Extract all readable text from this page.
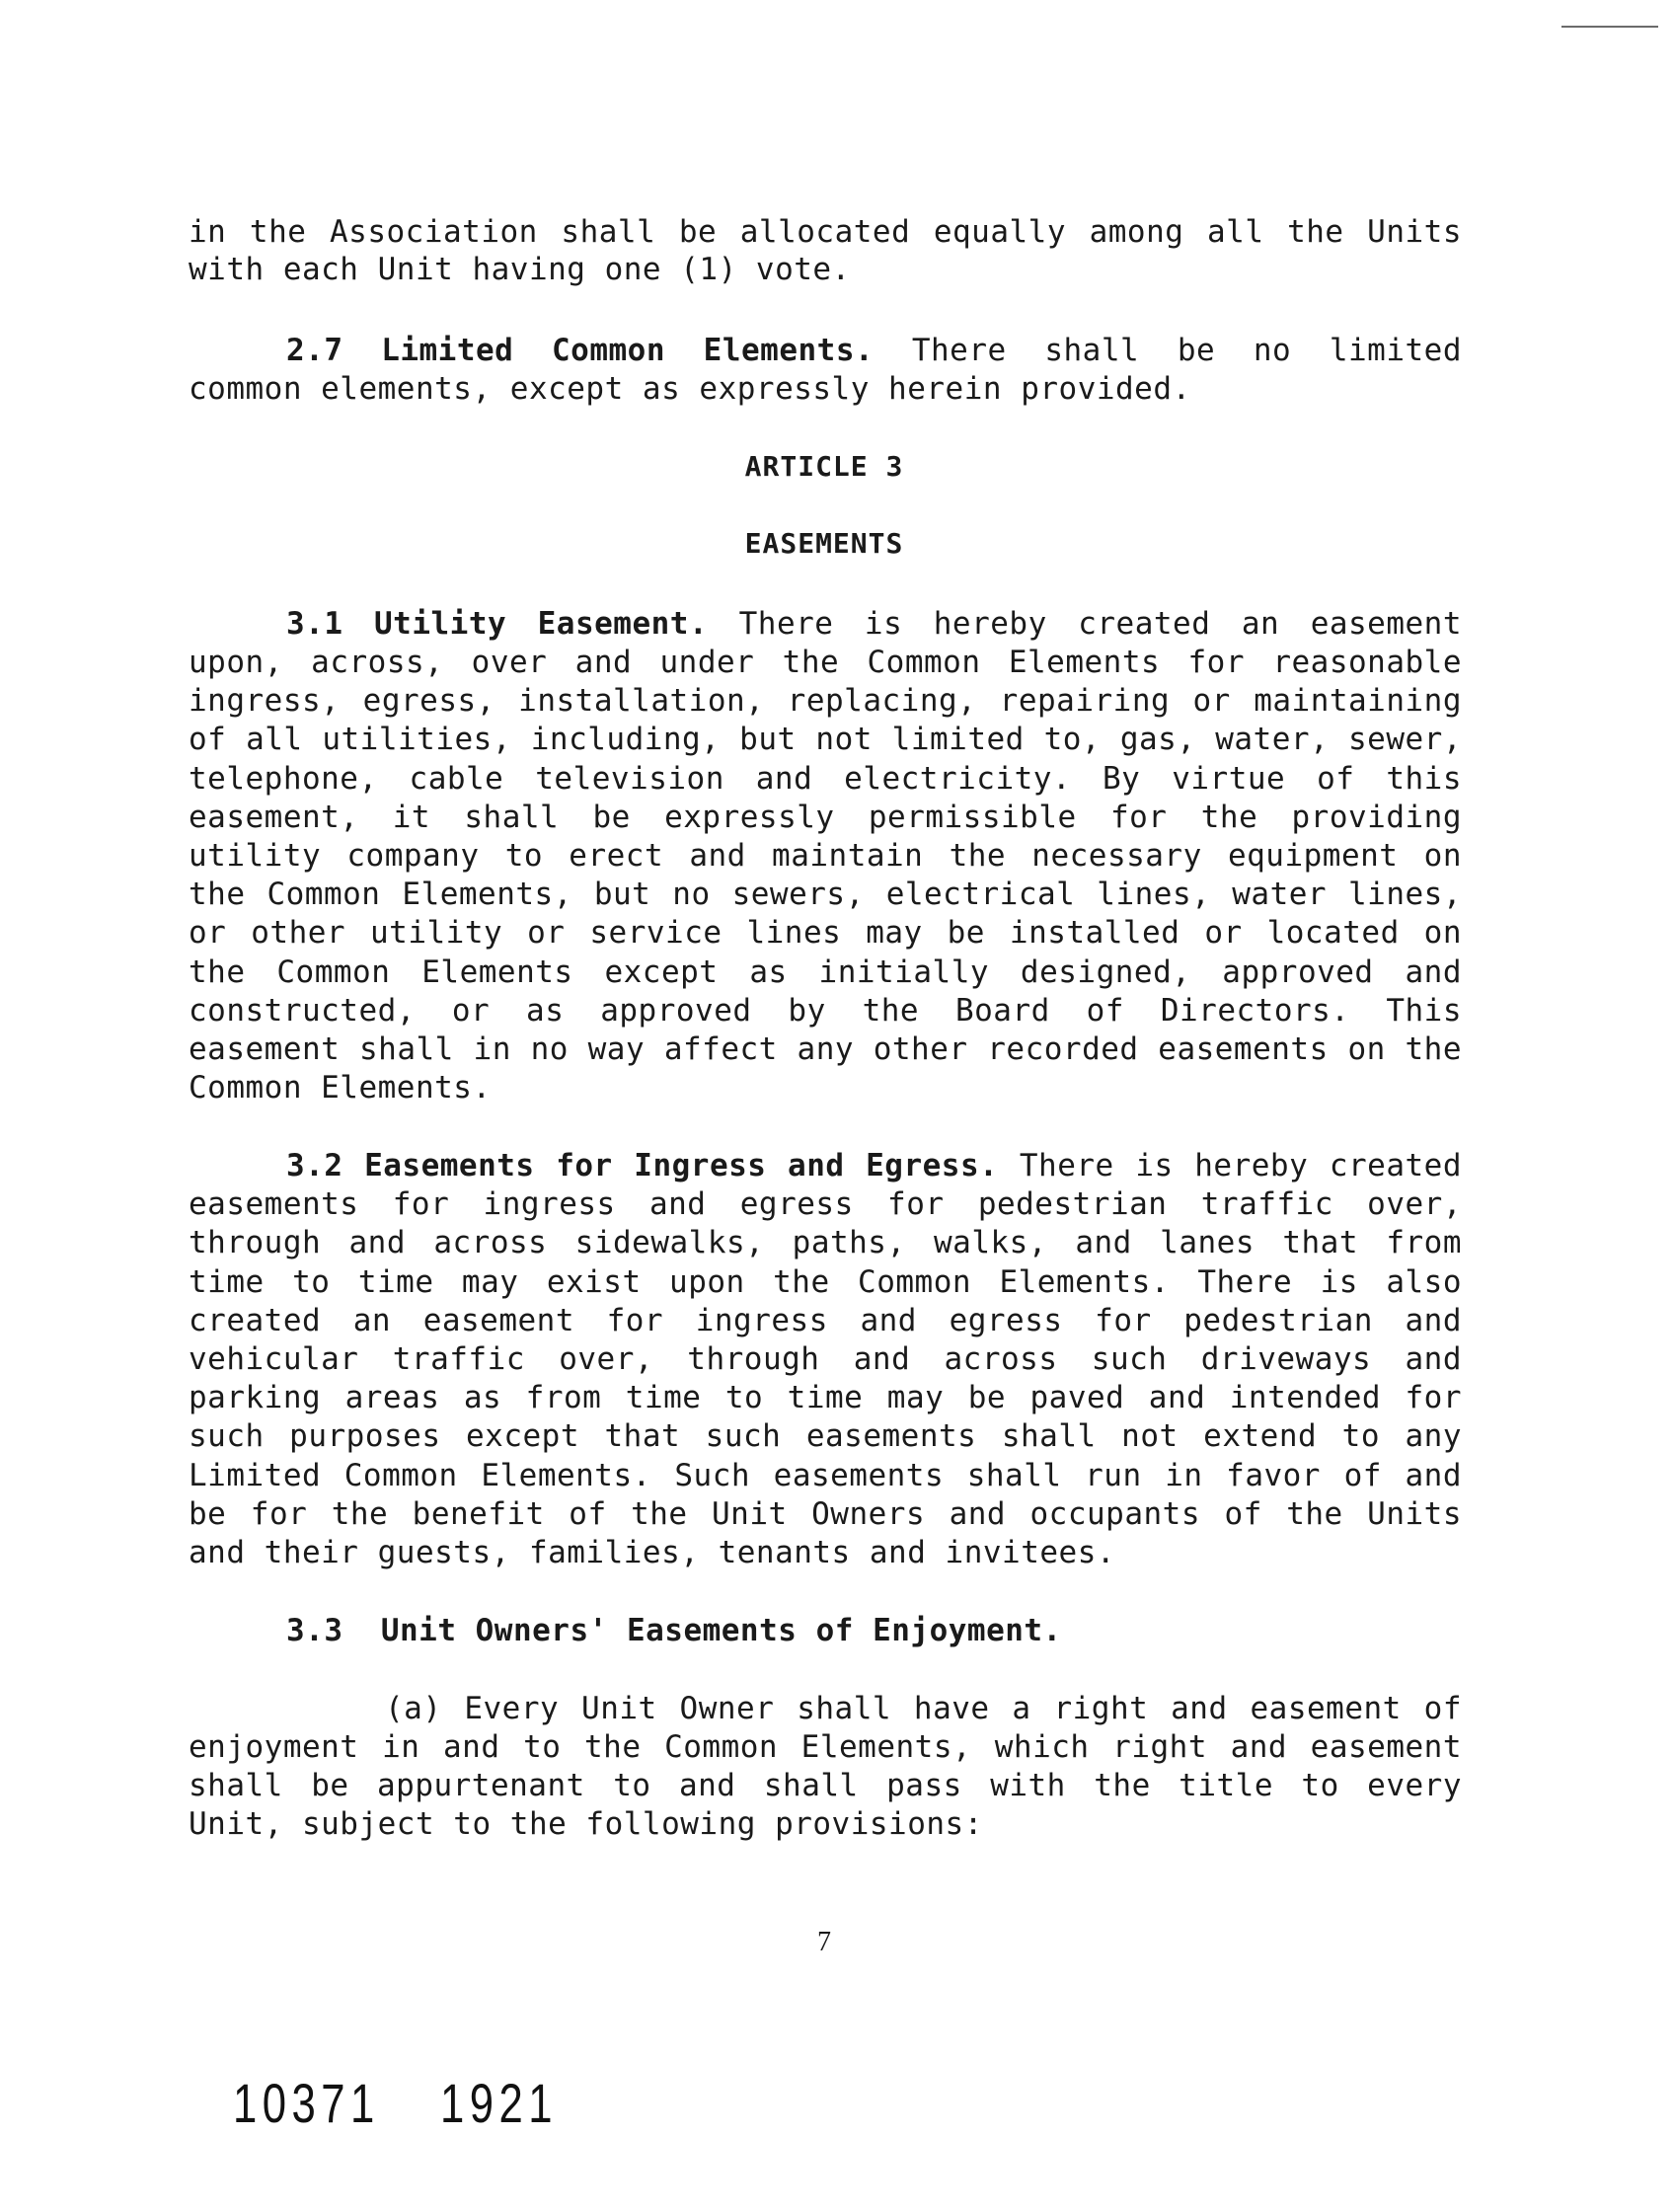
in the Association shall be allocated equally among all the Units
with each Unit having one (1) vote.
2.7 Limited Common Elements. There shall be no limited
common elements, except as expressly herein provided.
ARTICLE 3
EASEMENTS
3.1 Utility Easement. There is hereby created an easement
upon, across, over and under the Common Elements for reasonable
ingress, egress, installation, replacing, repairing or maintaining
of all utilities, including, but not limited to, gas, water, sewer,
telephone, cable television and electricity. By virtue of this
easement, it shall be expressly permissible for the providing
utility company to erect and maintain the necessary equipment on
the Common Elements, but no sewers, electrical lines, water lines,
or other utility or service lines may be installed or located on
the Common Elements except as initially designed, approved and
constructed, or as approved by the Board of Directors. This
easement shall in no way affect any other recorded easements on the
Common Elements.
3.2 Easements for Ingress and Egress. There is hereby created
easements for ingress and egress for pedestrian traffic over,
through and across sidewalks, paths, walks, and lanes that from
time to time may exist upon the Common Elements. There is also
created an easement for ingress and egress for pedestrian and
vehicular traffic over, through and across such driveways and
parking areas as from time to time may be paved and intended for
such purposes except that such easements shall not extend to any
Limited Common Elements. Such easements shall run in favor of and
be for the benefit of the Unit Owners and occupants of the Units
and their guests, families, tenants and invitees.
3.3 Unit Owners' Easements of Enjoyment.
(a) Every Unit Owner shall have a right and easement of
enjoyment in and to the Common Elements, which right and easement
shall be appurtenant to and shall pass with the title to every
Unit, subject to the following provisions:
7
10371 1921
